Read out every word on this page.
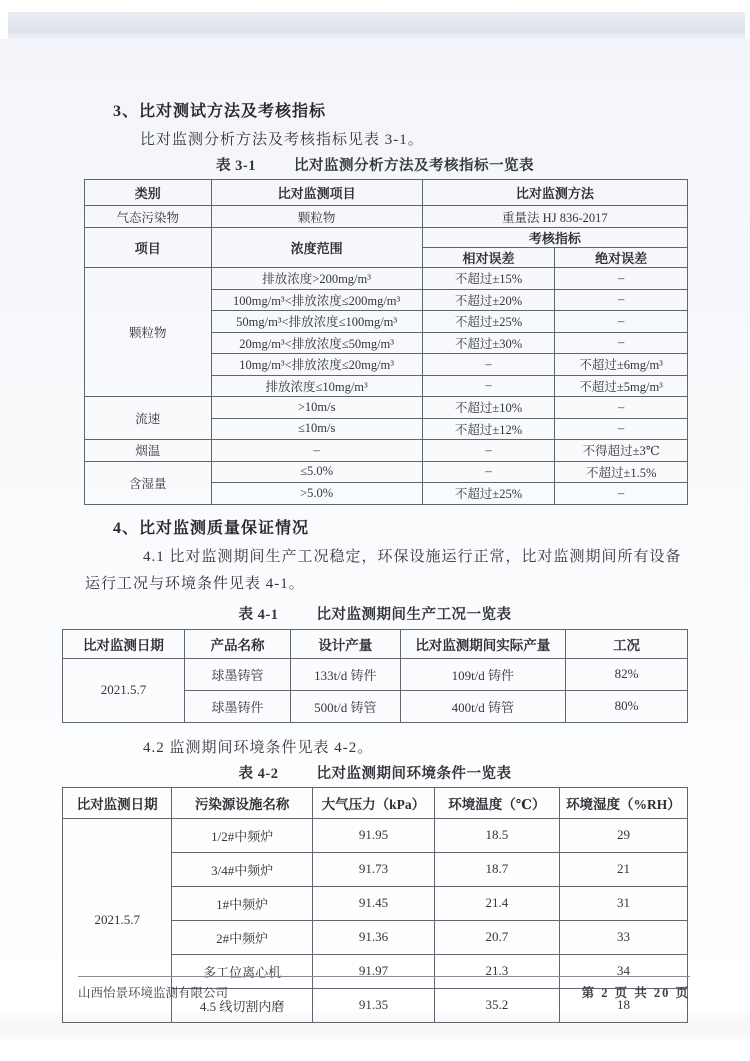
3、比对测试方法及考核指标
比对监测分析方法及考核指标见表 3-1。
表 3-1	比对监测分析方法及考核指标一览表
类别	比对监测项目	比对监测方法	
气态污染物	颗粒物	重量法 HJ 836-2017	
项目	浓度范围	考核指标	
		相对误差	绝对误差
颗粒物	排放浓度>200mg/m³	不超过±15%	–
	100mg/m³<排放浓度≤200mg/m³	不超过±20%	–
	50mg/m³<排放浓度≤100mg/m³	不超过±25%	–
	20mg/m³<排放浓度≤50mg/m³	不超过±30%	–
	10mg/m³<排放浓度≤20mg/m³	–	不超过±6mg/m³
	排放浓度≤10mg/m³	–	不超过±5mg/m³
流速	>10m/s	不超过±10%	–
	≤10m/s	不超过±12%	–
烟温	–	–	不得超过±3℃
含湿量	≤5.0%	–	不超过±1.5%
	>5.0%	不超过±25%	–
4、比对监测质量保证情况
4.1 比对监测期间生产工况稳定，环保设施运行正常，比对监测期间所有设备
运行工况与环境条件见表 4-1。
表 4-1	比对监测期间生产工况一览表
比对监测日期	产品名称	设计产量	比对监测期间实际产量	工况
2021.5.7	球墨铸管	133t/d 铸件	109t/d 铸件	82%
	球墨铸件	500t/d 铸管	400t/d 铸管	80%
4.2 监测期间环境条件见表 4-2。
表 4-2	比对监测期间环境条件一览表
比对监测日期	污染源设施名称	大气压力（kPa）	环境温度（℃）	环境湿度（%RH）
2021.5.7	1/2#中频炉	91.95	18.5	29
	3/4#中频炉	91.73	18.7	21
	1#中频炉	91.45	21.4	31
	2#中频炉	91.36	20.7	33
	多工位离心机	91.97	21.3	34
	4.5 线切割内磨	91.35	35.2	18
山西怡景环境监测有限公司	第 2 页 共 20 页
